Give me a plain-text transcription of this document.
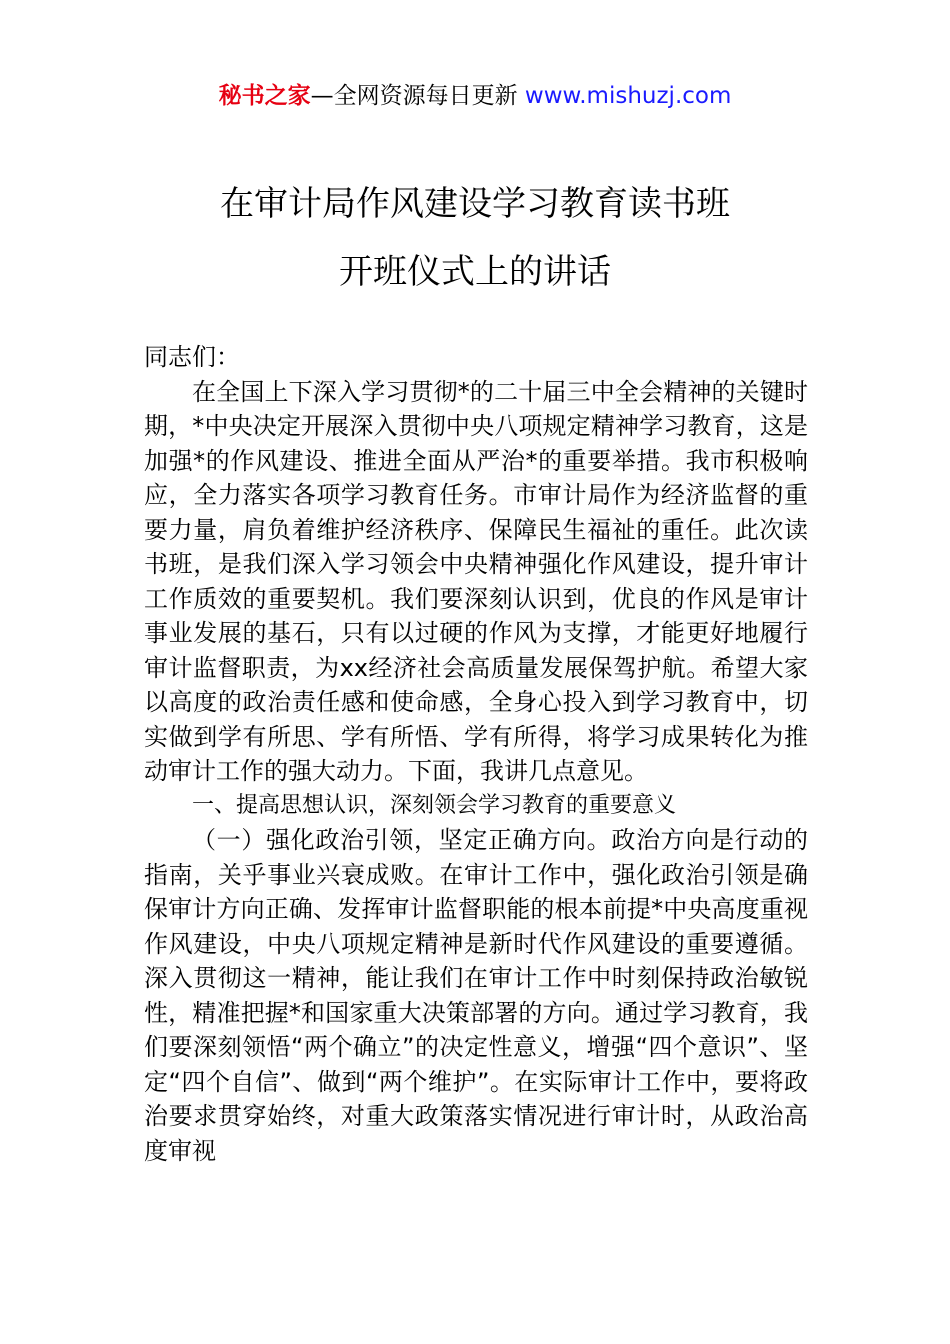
秘书之家—全网资源每日更新 www.mishuzj.com
在审计局作风建设学习教育读书班
开班仪式上的讲话

同志们：

在全国上下深入学习贯彻*的二十届三中全会精神的关键时期，*中央决定开展深入贯彻中央八项规定精神学习教育，这是加强*的作风建设、推进全面从严治*的重要举措。我市积极响应，全力落实各项学习教育任务。市审计局作为经济监督的重要力量，肩负着维护经济秩序、保障民生福祉的重任。此次读书班，是我们深入学习领会中央精神强化作风建设，提升审计工作质效的重要契机。我们要深刻认识到，优良的作风是审计事业发展的基石，只有以过硬的作风为支撑，才能更好地履行审计监督职责，为xx经济社会高质量发展保驾护航。希望大家以高度的政治责任感和使命感，全身心投入到学习教育中，切实做到学有所思、学有所悟、学有所得，将学习成果转化为推动审计工作的强大动力。下面，我讲几点意见。

一、提高思想认识，深刻领会学习教育的重要意义

（一）强化政治引领，坚定正确方向。政治方向是行动的指南，关乎事业兴衰成败。在审计工作中，强化政治引领是确保审计方向正确、发挥审计监督职能的根本前提*中央高度重视作风建设，中央八项规定精神是新时代作风建设的重要遵循。深入贯彻这一精神，能让我们在审计工作中时刻保持政治敏锐性，精准把握*和国家重大决策部署的方向。通过学习教育，我们要深刻领悟“两个确立”的决定性意义，增强“四个意识”、坚定“四个自信”、做到“两个维护”。在实际审计工作中，要将政治要求贯穿始终，对重大政策落实情况进行审计时，从政治高度审视
